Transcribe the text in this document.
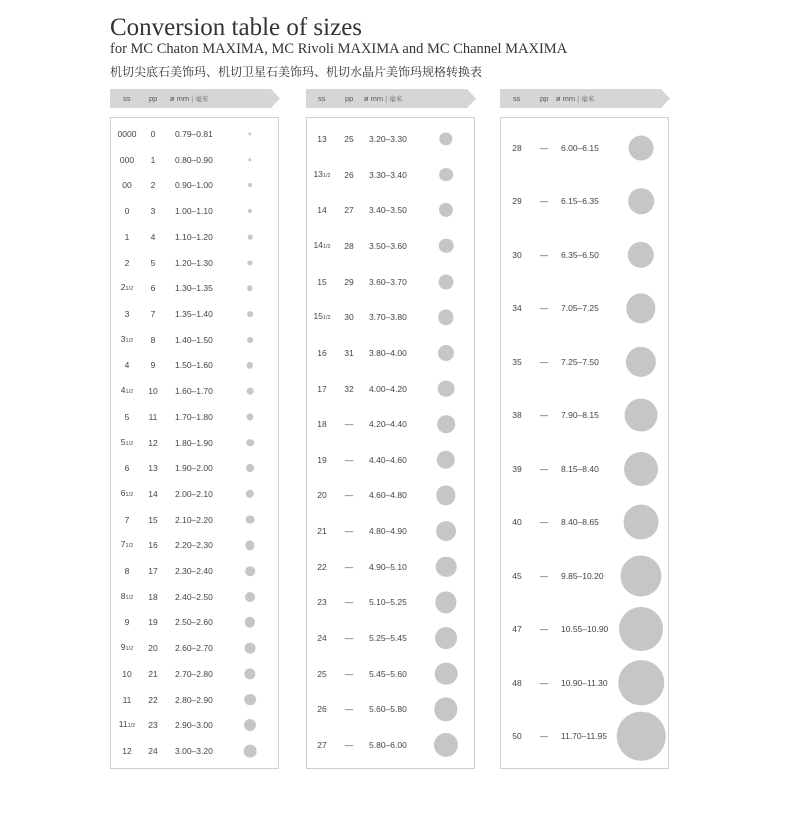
Conversion table of sizes
for MC Chaton MAXIMA, MC Rivoli MAXIMA and MC Channel MAXIMA
机切尖底石美饰玛、机切卫星石美饰玛、机切水晶片美饰玛规格转换表
ss pp ø mm | 毫米
0000	0	0.79–0.81
000	1	0.80–0.90
00	2	0.90–1.00
0	3	1.00–1.10
1	4	1.10–1.20
2	5	1.20–1.30
21/2	6	1.30–1.35
3	7	1.35–1.40
31/2	8	1.40–1.50
4	9	1.50–1.60
41/2	10	1.60–1.70
5	11	1.70–1.80
51/2	12	1.80–1.90
6	13	1.90–2.00
61/2	14	2.00–2.10
7	15	2.10–2.20
71/2	16	2.20–2.30
8	17	2.30–2.40
81/2	18	2.40–2.50
9	19	2.50–2.60
91/2	20	2.60–2.70
10	21	2.70–2.80
11	22	2.80–2.90
111/2	23	2.90–3.00
12	24	3.00–3.20
ss	pp ø mm | 毫米
13	25	3.20–3.30
131/2	26	3.30–3.40
14	27	3.40–3.50
141/2	28	3.50–3.60
15	29	3.60–3.70
151/2	30	3.70–3.80
16	31	3.80–4.00
17	32	4.00–4.20
18	—	4.20–4.40
19	—	4.40–4.60
20	—	4.60–4.80
21	—	4.80–4.90
22	—	4.90–5.10
23	—	5.10–5.25
24	—	5.25–5.45
25	—	5.45–5.60
26	—	5.60–5.80
27	—	5.80–6.00
ss	pp ø mm | 毫米
28	—	6.00–6.15
29	—	6.15–6.35
30	—	6.35–6.50
34	—	7.05–7.25
35	—	7.25–7.50
38	—	7.90–8.15
39	—	8.15–8.40
40	—	8.40–8.65
45	—	9.85–10.20
47	—	10.55–10.90
48	—	10.90–11.30
50	—	11.70–11.95
